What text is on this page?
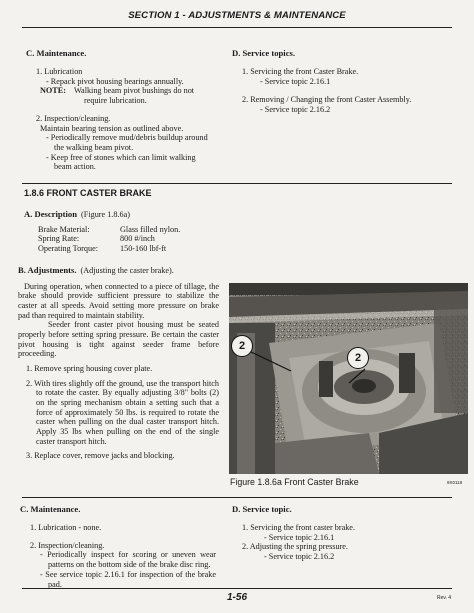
SECTION 1 - ADJUSTMENTS & MAINTENANCE

C. Maintenance.

1. Lubrication

- Repack pivot housing bearings annually.

NOTE: Walking beam pivot bushings do not

require lubrication.

2. Inspection/cleaning.

Maintain bearing tension as outlined above.

- Periodically remove mud/debris buildup around

the walking beam pivot.

- Keep free of stones which can limit walking

beam action.

D. Service topics.

1. Servicing the front Caster Brake.

- Service topic 2.16.1

2. Removing / Changing the front Caster Assembly.

- Service topic 2.16.2

1.8.6 FRONT CASTER BRAKE

A. Description (Figure 1.8.6a)

Brake Material:	Glass filled nylon.
Spring Rate:	800 #/inch
Operating Torque:	150-160 lbf-ft

B. Adjustments. (Adjusting the caster brake).

During operation, when connected to a piece of tillage, the brake should provide sufficient pressure to stabilize the caster at all speeds. Avoid setting more pressure on brake pad than required to maintain stability.

Seeder front caster pivot housing must be seated properly before setting spring pressure. Be certain the caster pivot housing is tight against seeder frame before proceeding.

1. Remove spring housing cover plate.

2. With tires slightly off the ground, use the transport hitch to rotate the caster. By equally adjusting 3/8" bolts (2) on the spring mechanism obtain a setting such that a force of approximately 50 lbs. is required to rotate the caster when pulling on the dual caster transport hitch. Apply 35 lbs when pulling on the end of the single caster transport hitch.

3. Replace cover, remove jacks and blocking.

2
2
Figure 1.8.6a Front Caster Brake	9X0118

C. Maintenance.

1. Lubrication - none.

2. Inspection/cleaning.

- Periodically inspect for scoring or uneven wear patterns on the bottom side of the brake disc ring.

- See service topic 2.16.1 for inspection of the brake pad.

D. Service topic.

1. Servicing the front caster brake.

- Service topic 2.16.1

2. Adjusting the spring pressure.

- Service topic 2.16.2

1-56	Rev. 4
